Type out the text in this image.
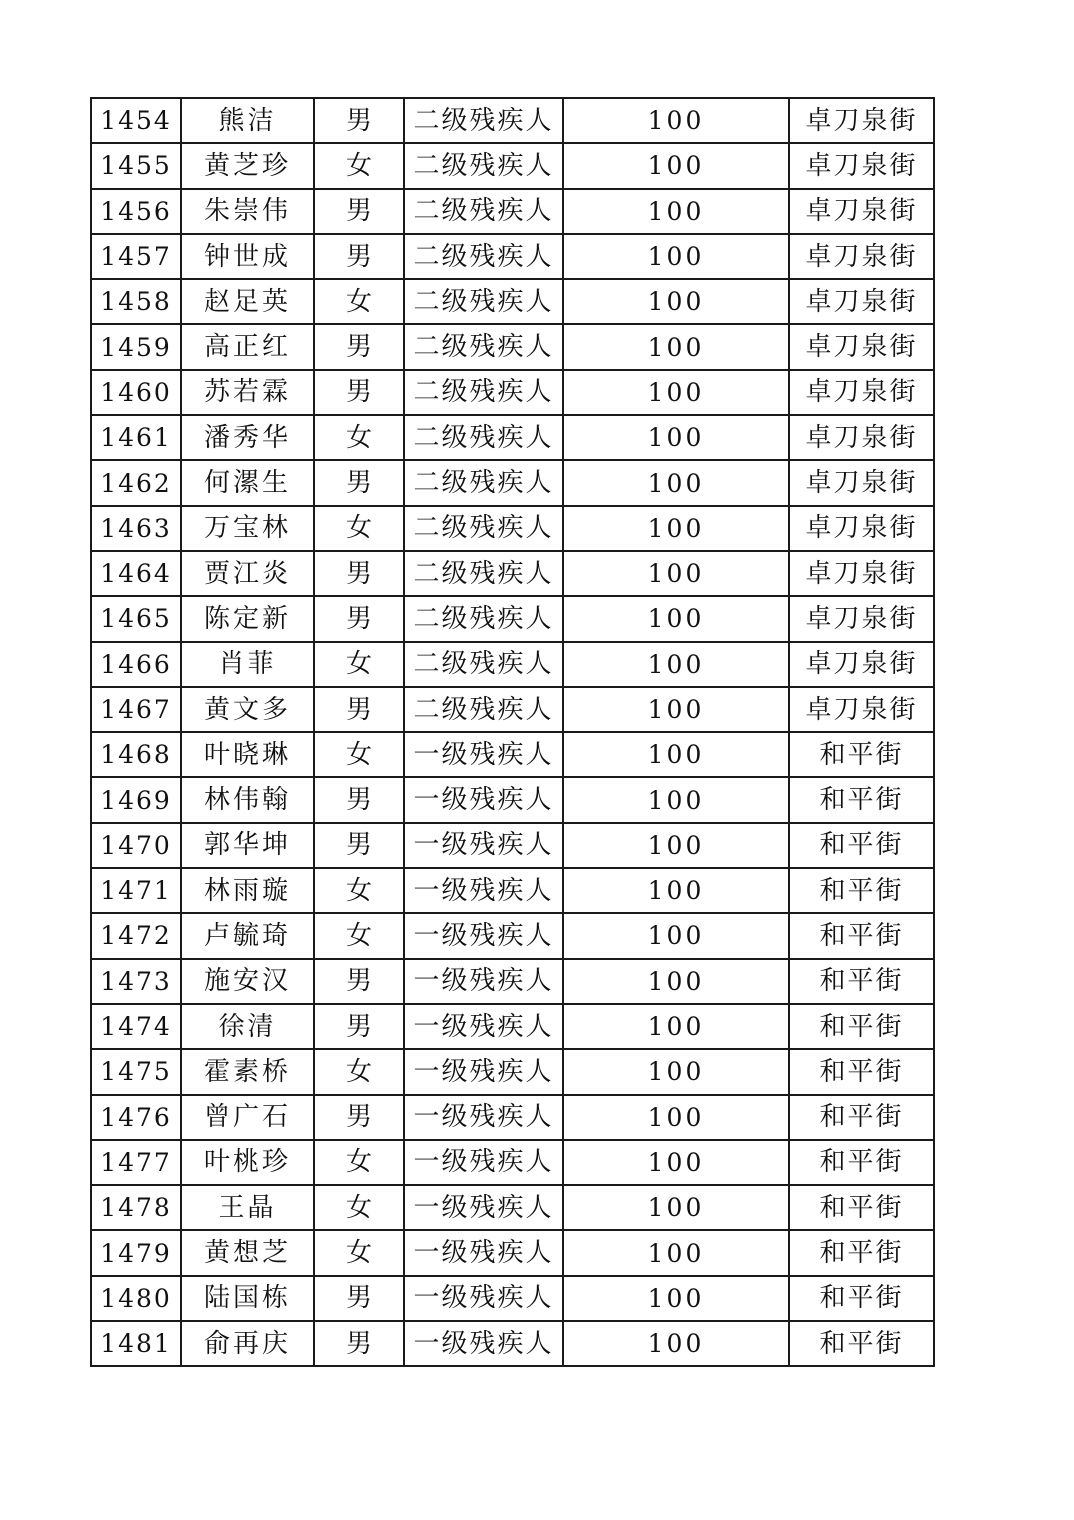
1454	熊洁	男	二级残疾人	100	卓刀泉街
1455	黄芝珍	女	二级残疾人	100	卓刀泉街
1456	朱崇伟	男	二级残疾人	100	卓刀泉街
1457	钟世成	男	二级残疾人	100	卓刀泉街
1458	赵足英	女	二级残疾人	100	卓刀泉街
1459	高正红	男	二级残疾人	100	卓刀泉街
1460	苏若霖	男	二级残疾人	100	卓刀泉街
1461	潘秀华	女	二级残疾人	100	卓刀泉街
1462	何漯生	男	二级残疾人	100	卓刀泉街
1463	万宝林	女	二级残疾人	100	卓刀泉街
1464	贾江炎	男	二级残疾人	100	卓刀泉街
1465	陈定新	男	二级残疾人	100	卓刀泉街
1466	肖菲	女	二级残疾人	100	卓刀泉街
1467	黄文多	男	二级残疾人	100	卓刀泉街
1468	叶晓琳	女	一级残疾人	100	和平街
1469	林伟翰	男	一级残疾人	100	和平街
1470	郭华坤	男	一级残疾人	100	和平街
1471	林雨璇	女	一级残疾人	100	和平街
1472	卢毓琦	女	一级残疾人	100	和平街
1473	施安汉	男	一级残疾人	100	和平街
1474	徐清	男	一级残疾人	100	和平街
1475	霍素桥	女	一级残疾人	100	和平街
1476	曾广石	男	一级残疾人	100	和平街
1477	叶桃珍	女	一级残疾人	100	和平街
1478	王晶	女	一级残疾人	100	和平街
1479	黄想芝	女	一级残疾人	100	和平街
1480	陆国栋	男	一级残疾人	100	和平街
1481	俞再庆	男	一级残疾人	100	和平街
